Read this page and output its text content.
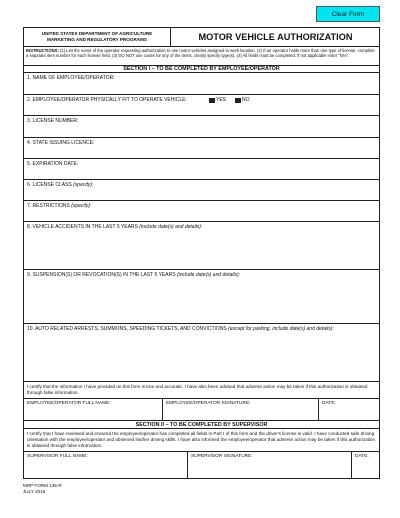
Clear Form
UNITED STATES DEPARTMENT OF AGRICULTURE
MARKETING AND REGULATORY PROGRAMS	MOTOR VEHICLE AUTHORIZATION
INSTRUCTIONS: (1) List the name of the operator requesting authorization to use motor vehicles assigned to work location. (2) If an operator holds more than one type of license, complete a separate item number for each license held. (3) DO NOT use codes for any of the items, clearly specify type(s). (4) All fields must be completed. If not applicable enter "N/A".
SECTION I – TO BE COMPLETED BY EMPLOYEE/OPERATOR
1. NAME OF EMPLOYEE/OPERATOR:
2. EMPLOYEE/OPERATOR PHYSICALLY FIT TO OPERATE VEHICLE:	YES	NO
3. LICENSE NUMBER:
4. STATE ISSUING LICENCE:
5. EXPIRATION DATE:
6. LICENSE CLASS (specify):
7. RESTRICTIONS (specify):
8. VEHICLE ACCIDENTS IN THE LAST 5 YEARS (include date(s) and details):
9. SUSPENSION(S) OR REVOCATION(S) IN THE LAST 5 YEARS (include date(s) and details):
10. AUTO RELATED ARRESTS, SUMMONS, SPEEDING TICKETS, AND CONVICTIONS (except for parking, include date(s) and details):
I certify that the information I have provided on this form is true and accurate. I have also been advised that adverse action may be taken if this authorization is obtained through false information.
EMPLOYEE/OPERATOR FULL NAME:	EMPLOYEE/OPERATOR SIGNATURE:	DATE:
SECTION II – TO BE COMPLETED BY SUPERVISOR
I certify that I have reviewed and ensured the employee/operator has completed all fields in Part I of this form and the driver's license is valid. I have conducted safe driving orientation with the employee/operator and observed his/her driving skills. I have also informed the employee/operator that adverse action may be taken if this authorization is obtained through false information.
SUPERVISOR FULL NAME:	SUPERVISOR SIGNATURE:	DATE:
MRP FORM 135-R
JULY 2018
